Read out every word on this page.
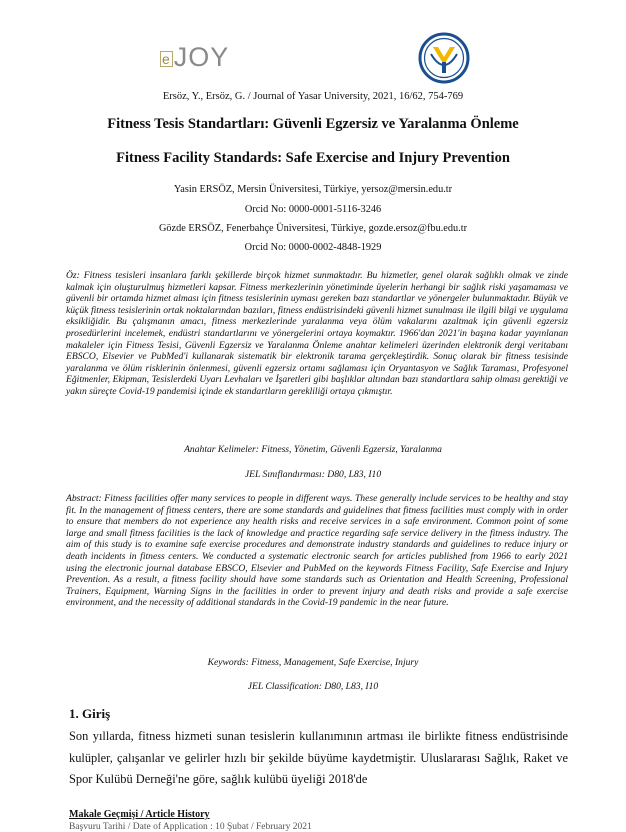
e JOY
Ersöz, Y., Ersöz, G. / Journal of Yasar University, 2021, 16/62, 754-769
Fitness Tesis Standartları: Güvenli Egzersiz ve Yaralanma Önleme
Fitness Facility Standards: Safe Exercise and Injury Prevention
Yasin ERSÖZ, Mersin Üniversitesi, Türkiye, yersoz@mersin.edu.tr
Orcid No: 0000-0001-5116-3246
Gözde ERSÖZ, Fenerbahçe Üniversitesi, Türkiye, gozde.ersoz@fbu.edu.tr
Orcid No: 0000-0002-4848-1929

Öz: Fitness tesisleri insanlara farklı şekillerde birçok hizmet sunmaktadır. Bu hizmetler, genel olarak sağlıklı olmak ve zinde kalmak için oluşturulmuş hizmetleri kapsar. Fitness merkezlerinin yönetiminde üyelerin herhangi bir sağlık riski yaşamaması ve güvenli bir ortamda hizmet alması için fitness tesislerinin uyması gereken bazı standartlar ve yönergeler bulunmaktadır. Büyük ve küçük fitness tesislerinin ortak noktalarından bazıları, fitness endüstrisindeki güvenli hizmet sunulması ile ilgili bilgi ve uygulama eksikliğidir. Bu çalışmanın amacı, fitness merkezlerinde yaralanma veya ölüm vakalarını azaltmak için güvenli egzersiz prosedürlerini incelemek, endüstri standartlarını ve yönergelerini ortaya koymaktır. 1966'dan 2021'in başına kadar yayınlanan makaleler için Fitness Tesisi, Güvenli Egzersiz ve Yaralanma Önleme anahtar kelimeleri üzerinden elektronik dergi veritabanı EBSCO, Elsevier ve PubMed'i kullanarak sistematik bir elektronik tarama gerçekleştirdik. Sonuç olarak bir fitness tesisinde yaralanma ve ölüm risklerinin önlenmesi, güvenli egzersiz ortamı sağlaması için Oryantasyon ve Sağlık Taraması, Profesyonel Eğitmenler, Ekipman, Tesislerdeki Uyarı Levhaları ve İşaretleri gibi başlıklar altından bazı standartlara sahip olması gerektiği ve yakın süreçte Covid-19 pandemisi içinde ek standartların gerekliliği ortaya çıkmıştır.

Anahtar Kelimeler: Fitness, Yönetim, Güvenli Egzersiz, Yaralanma
JEL Sınıflandırması: D80, L83, I10

Abstract: Fitness facilities offer many services to people in different ways. These generally include services to be healthy and stay fit. In the management of fitness centers, there are some standards and guidelines that fitness facilities must comply with in order to ensure that members do not experience any health risks and receive services in a safe environment. Common point of some large and small fitness facilities is the lack of knowledge and practice regarding safe service delivery in the fitness industry. The aim of this study is to examine safe exercise procedures and demonstrate industry standards and guidelines to reduce injury or death incidents in fitness centers. We conducted a systematic electronic search for articles published from 1966 to early 2021 using the electronic journal database EBSCO, Elsevier and PubMed on the keywords Fitness Facility, Safe Exercise and Injury Prevention. As a result, a fitness facility should have some standards such as Orientation and Health Screening, Professional Trainers, Equipment, Warning Signs in the facilities in order to prevent injury and death risks and provide a safe exercise environment, and the necessity of additional standards in the Covid-19 pandemic in the near future.

Keywords: Fitness, Management, Safe Exercise, Injury
JEL Classification: D80, L83, I10
1. Giriş

Son yıllarda, fitness hizmeti sunan tesislerin kullanımının artması ile birlikte fitness endüstrisinde kulüpler, çalışanlar ve gelirler hızlı bir şekilde büyüme kaydetmiştir. Uluslararası Sağlık, Raket ve Spor Kulübü Derneği'ne göre, sağlık kulübü üyeliği 2018'de

Makale Geçmişi / Article History
Başvuru Tarihi / Date of Application : 10 Şubat / February 2021
